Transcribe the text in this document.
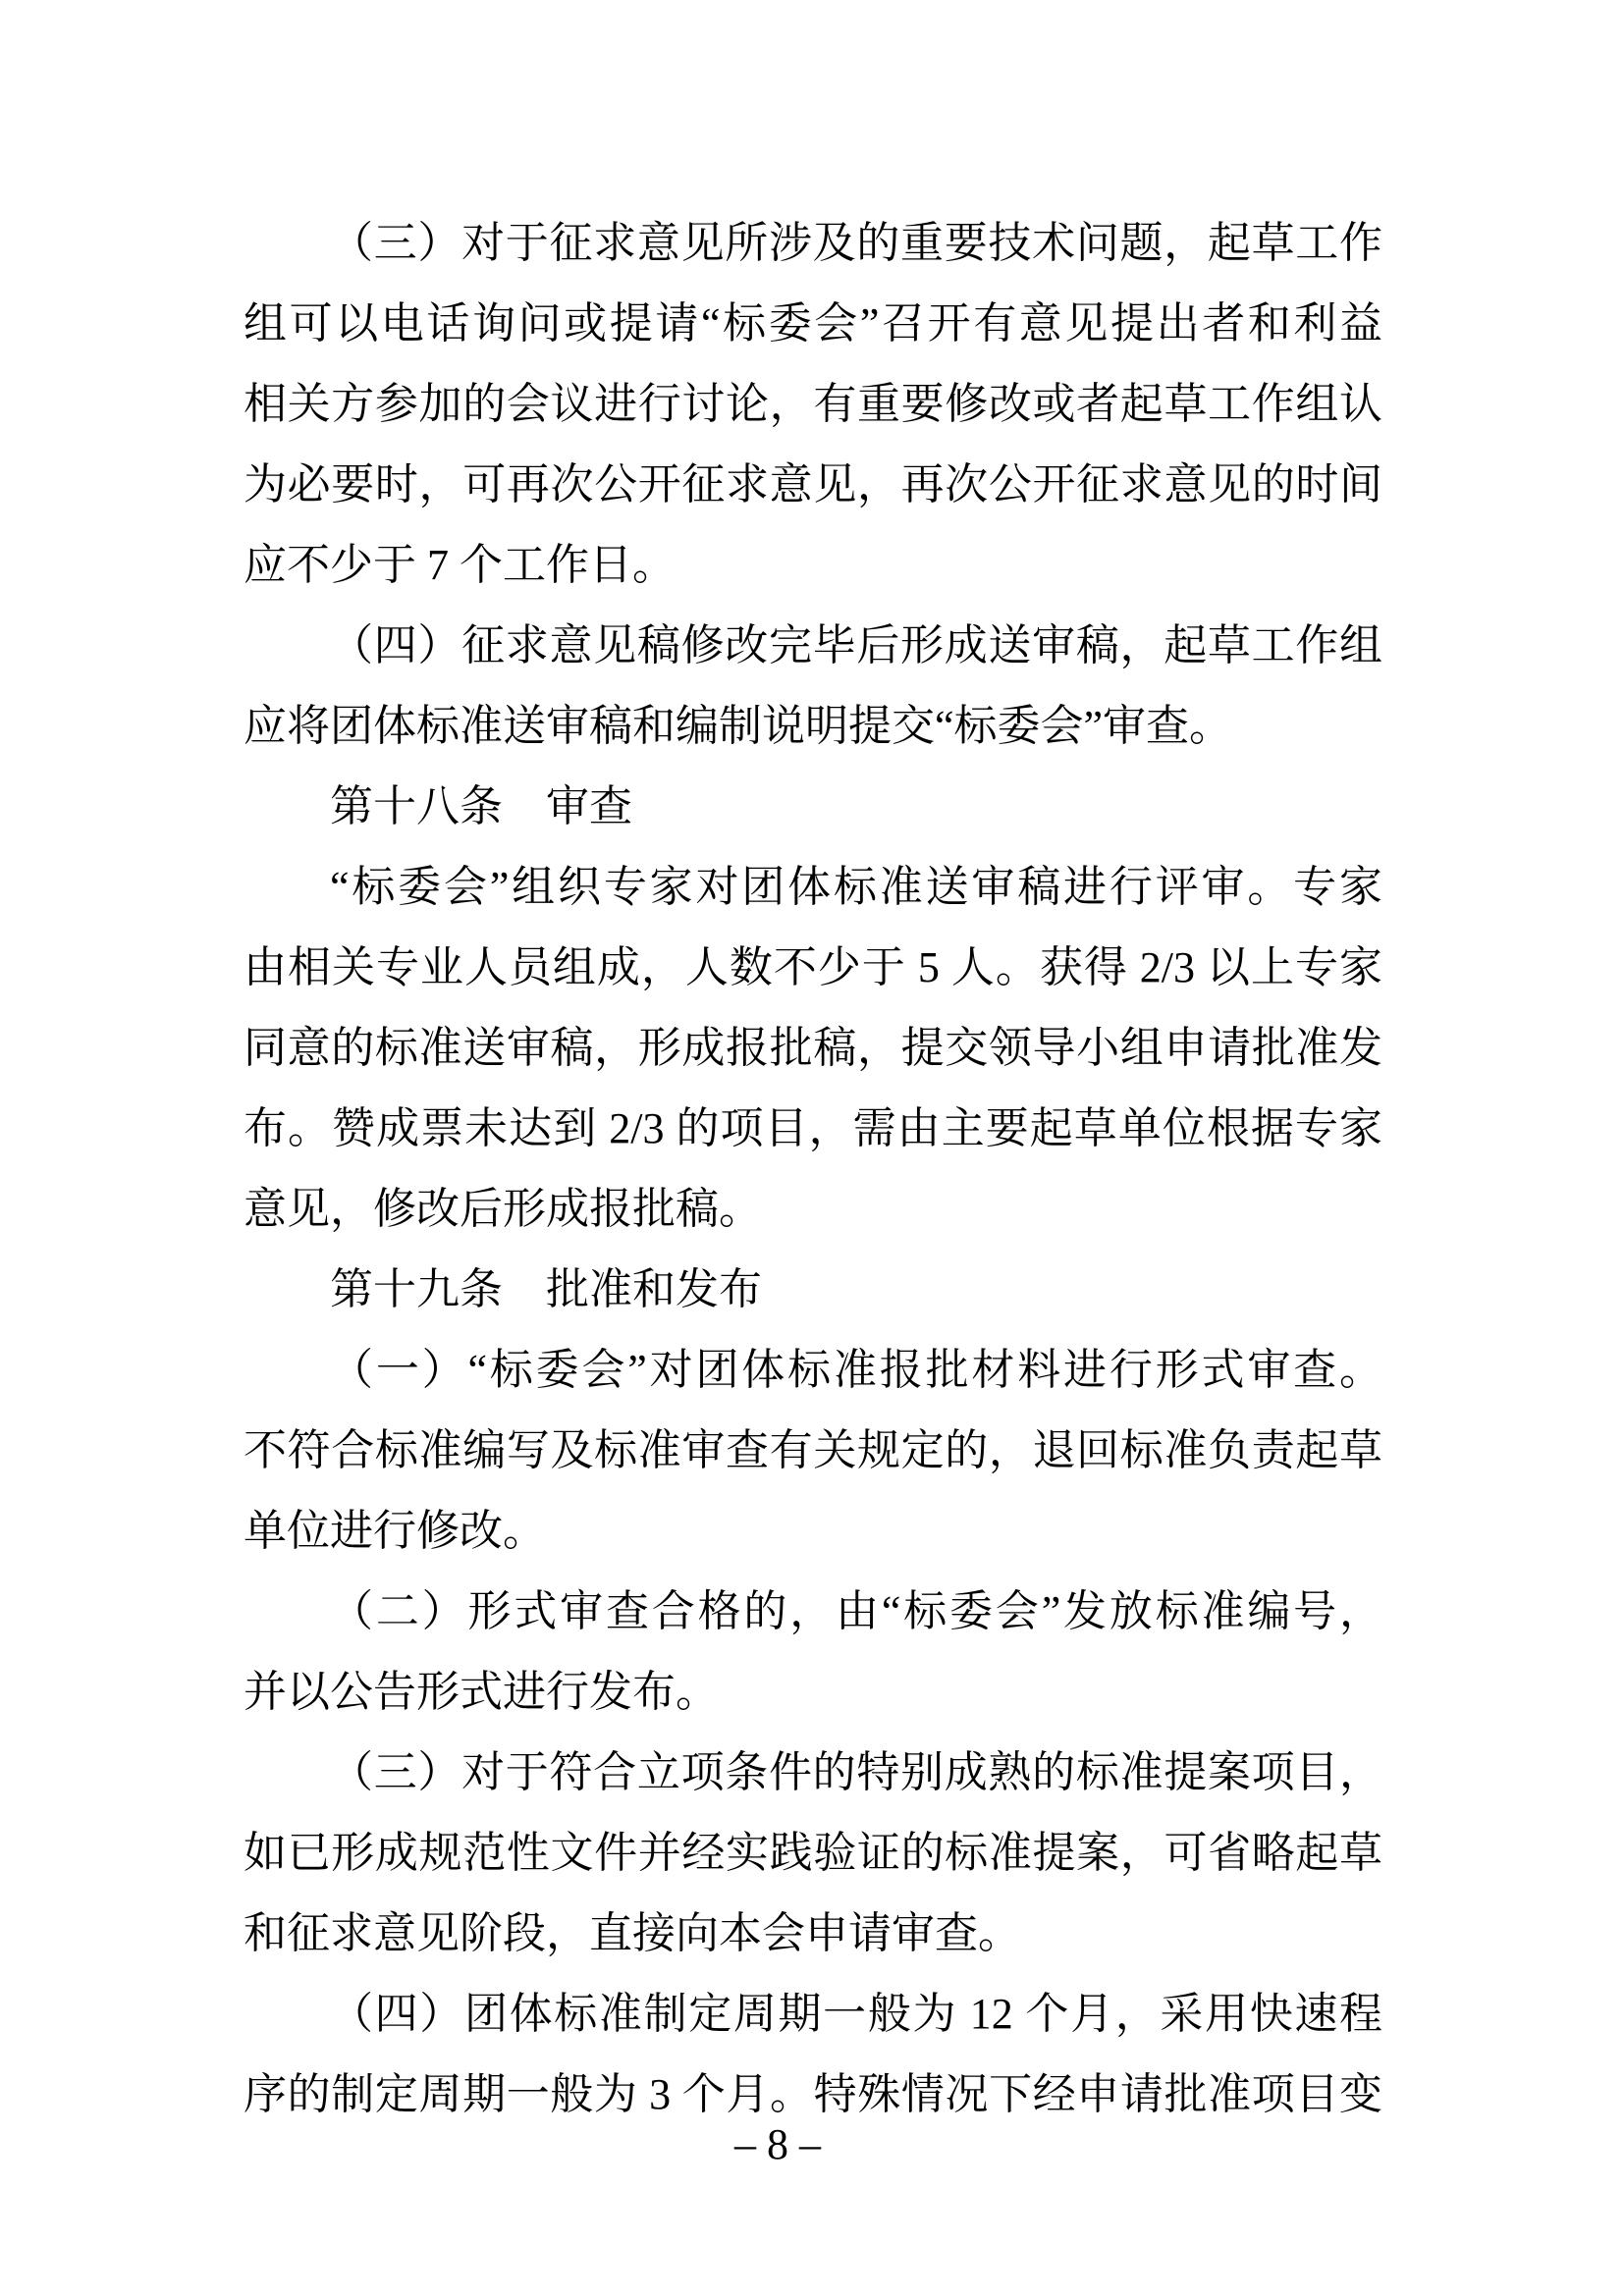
（三）对于征求意见所涉及的重要技术问题，起草工作
组可以电话询问或提请“标委会”召开有意见提出者和利益
相关方参加的会议进行讨论，有重要修改或者起草工作组认
为必要时，可再次公开征求意见，再次公开征求意见的时间
应不少于 7 个工作日。
（四）征求意见稿修改完毕后形成送审稿，起草工作组
应将团体标准送审稿和编制说明提交“标委会”审查。
第十八条　审查
“标委会”组织专家对团体标准送审稿进行评审。专家
由相关专业人员组成，人数不少于 5 人。获得 2/3 以上专家
同意的标准送审稿，形成报批稿，提交领导小组申请批准发
布。赞成票未达到 2/3 的项目，需由主要起草单位根据专家
意见，修改后形成报批稿。
第十九条　批准和发布
（一）“标委会”对团体标准报批材料进行形式审查。
不符合标准编写及标准审查有关规定的，退回标准负责起草
单位进行修改。
（二）形式审查合格的，由“标委会”发放标准编号，
并以公告形式进行发布。
（三）对于符合立项条件的特别成熟的标准提案项目，
如已形成规范性文件并经实践验证的标准提案，可省略起草
和征求意见阶段，直接向本会申请审查。
（四）团体标准制定周期一般为 12 个月，采用快速程
序的制定周期一般为 3 个月。特殊情况下经申请批准项目变
– 8 –
